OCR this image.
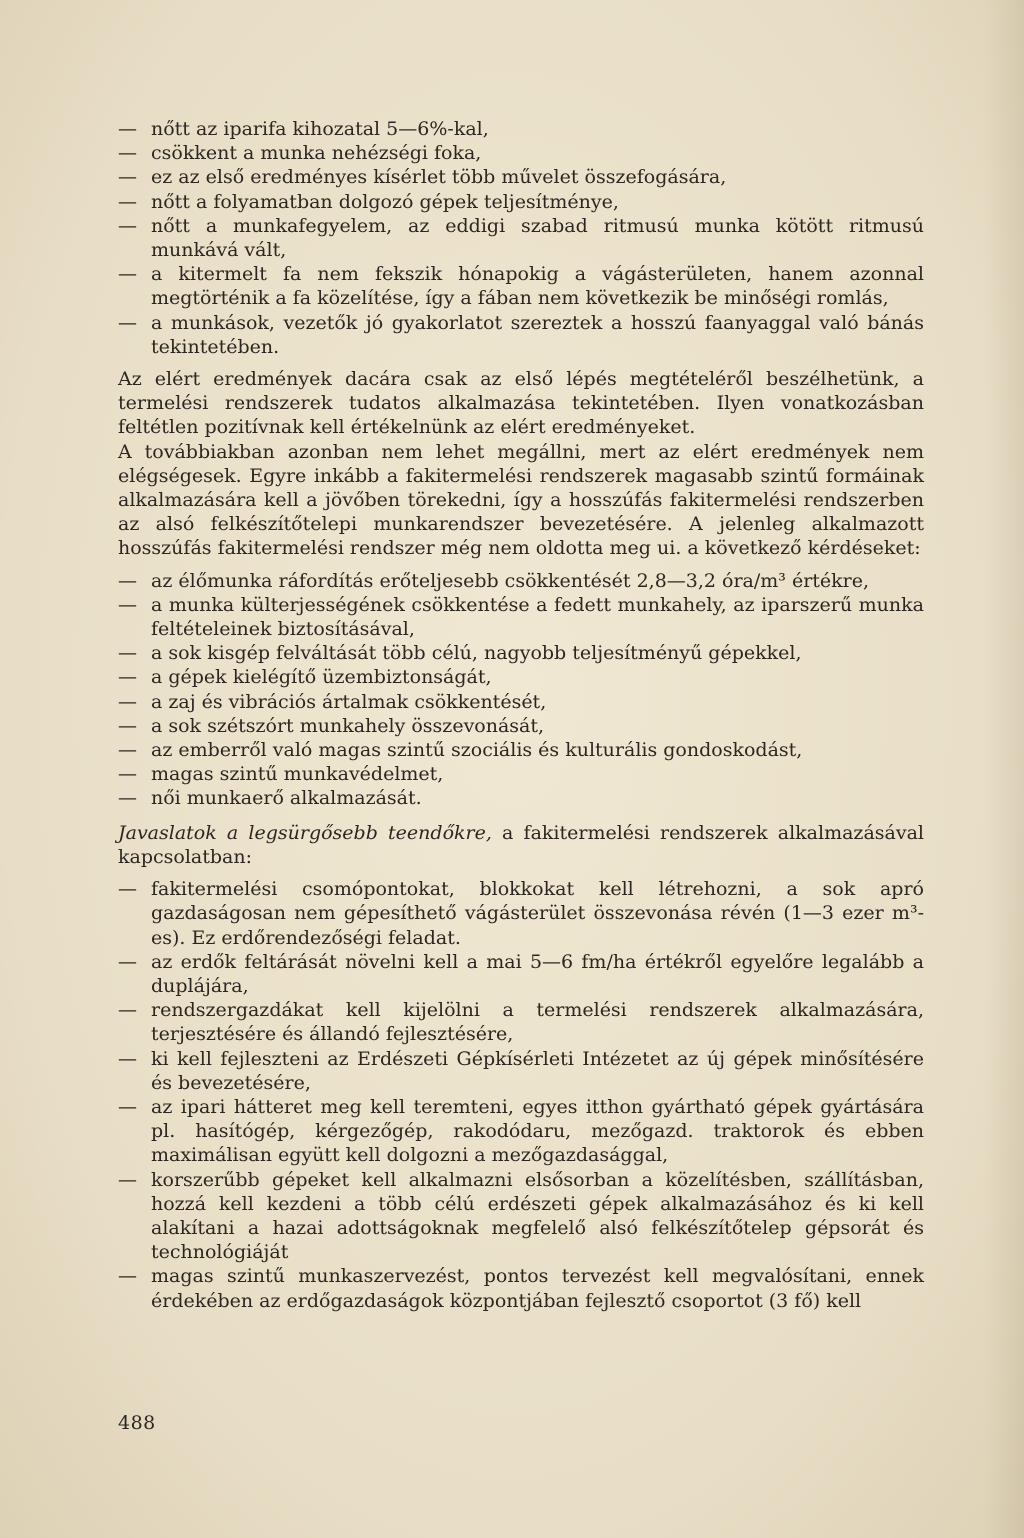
— nőtt az iparifa kihozatal 5—6%-kal,
— csökkent a munka nehézségi foka,
— ez az első eredményes kísérlet több művelet összefogására,
— nőtt a folyamatban dolgozó gépek teljesítménye,
— nőtt a munkafegyelem, az eddigi szabad ritmusú munka kötött ritmusú munkává vált,
— a kitermelt fa nem fekszik hónapokig a vágásterületen, hanem azonnal megtörténik a fa közelítése, így a fában nem következik be minőségi romlás,
— a munkások, vezetők jó gyakorlatot szereztek a hosszú faanyaggal való bánás tekintetében.

Az elért eredmények dacára csak az első lépés megtételéről beszélhetünk, a termelési rendszerek tudatos alkalmazása tekintetében. Ilyen vonatkozásban feltétlen pozitívnak kell értékelnünk az elért eredményeket.

A továbbiakban azonban nem lehet megállni, mert az elért eredmények nem elégségesek. Egyre inkább a fakitermelési rendszerek magasabb szintű formáinak alkalmazására kell a jövőben törekedni, így a hosszúfás fakitermelési rendszerben az alsó felkészítőtelepi munkarendszer bevezetésére. A jelenleg alkalmazott hosszúfás fakitermelési rendszer még nem oldotta meg ui. a következő kérdéseket:

— az élőmunka ráfordítás erőteljesebb csökkentését 2,8—3,2 óra/m³ értékre,
— a munka külterjességének csökkentése a fedett munkahely, az iparszerű munka feltételeinek biztosításával,
— a sok kisgép felváltását több célú, nagyobb teljesítményű gépekkel,
— a gépek kielégítő üzembiztonságát,
— a zaj és vibrációs ártalmak csökkentését,
— a sok szétszórt munkahely összevonását,
— az emberről való magas szintű szociális és kulturális gondoskodást,
— magas szintű munkavédelmet,
— női munkaerő alkalmazását.

Javaslatok a legsürgősebb teendőkre, a fakitermelési rendszerek alkalmazásával kapcsolatban:

— fakitermelési csomópontokat, blokkokat kell létrehozni, a sok apró gazdaságosan nem gépesíthető vágásterület összevonása révén (1—3 ezer m³-es). Ez erdőrendezőségi feladat.
— az erdők feltárását növelni kell a mai 5—6 fm/ha értékről egyelőre legalább a duplájára,
— rendszergazdákat kell kijelölni a termelési rendszerek alkalmazására, terjesztésére és állandó fejlesztésére,
— ki kell fejleszteni az Erdészeti Gépkísérleti Intézetet az új gépek minősítésére és bevezetésére,
— az ipari hátteret meg kell teremteni, egyes itthon gyártható gépek gyártására pl. hasítógép, kérgezőgép, rakodódaru, mezőgazd. traktorok és ebben maximálisan együtt kell dolgozni a mezőgazdasággal,
— korszerűbb gépeket kell alkalmazni elsősorban a közelítésben, szállításban, hozzá kell kezdeni a több célú erdészeti gépek alkalmazásához és ki kell alakítani a hazai adottságoknak megfelelő alsó felkészítőtelep gépsorát és technológiáját
— magas szintű munkaszervezést, pontos tervezést kell megvalósítani, ennek érdekében az erdőgazdaságok központjában fejlesztő csoportot (3 fő) kell
488
